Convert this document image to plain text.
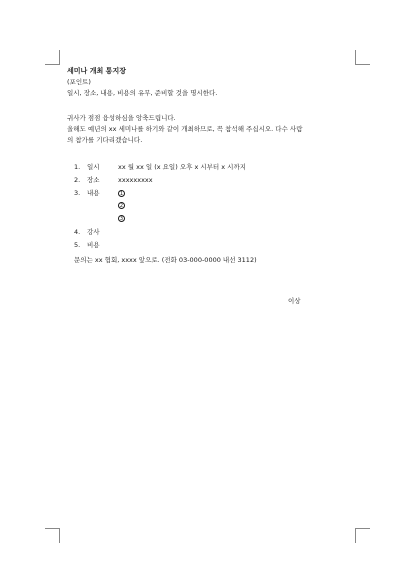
세미나 개최 통지장
(포인트)
일시, 장소, 내용, 비용의 유무, 준비할 것을 명시한다.
귀사가 점점 융성하심을 앙축드립니다.
올해도 예년의 xx 세미나를 하기와 같이 개최하므로, 꼭 참석해 주십시오. 다수 사람
의 참가를 기다리겠습니다.
1.	일시	xx 월 xx 일 (x 요일) 오후 x 시부터 x 시까지
2.	장소	xxxxxxxxx
3.	내용	1
2
3
4.	강사
5.	비용
문의는 xx 협회, xxxx 앞으로. (전화 03-000-0000 내선 3112)
이상
